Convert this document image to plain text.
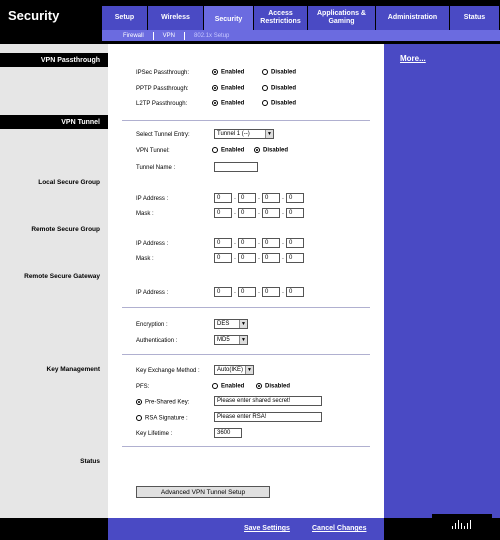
Security	Setup	Wireless	Security
Access
Restrictions
Applications &
Gaming
Administration	Status
Firewall	VPN	802.1x Setup
VPN Passthrough
VPN Tunnel
Local Secure Group
Remote Secure Group
Remote Secure Gateway
Key Management
Status
IPSec Passthrough:	Enabled	Disabled
PPTP Passthrough:	Enabled	Disabled
L2TP Passthrough:	Enabled	Disabled
Select Tunnel Entry:	Tunnel 1 (--)	▼
VPN Tunnel:	Enabled	Disabled
Tunnel Name :
IP Address :	0	. 0	. 0	. 0
Mask :	0	. 0	. 0	. 0
IP Address :	0	. 0	. 0	. 0
Mask :	0	. 0	. 0	. 0
IP Address :	0	. 0	. 0	. 0
Encryption :	DES	▼
Authentication :	MD5	▼
Key Exchange Method :	Auto(IKE) ▼
PFS:	Enabled	Disabled
Pre-Shared Key:	Please enter shared secret!
RSA Signature :	Please enter RSA!
Key Lifetime :	3600
Advanced VPN Tunnel Setup
More...
Save Settings	Cancel Changes
